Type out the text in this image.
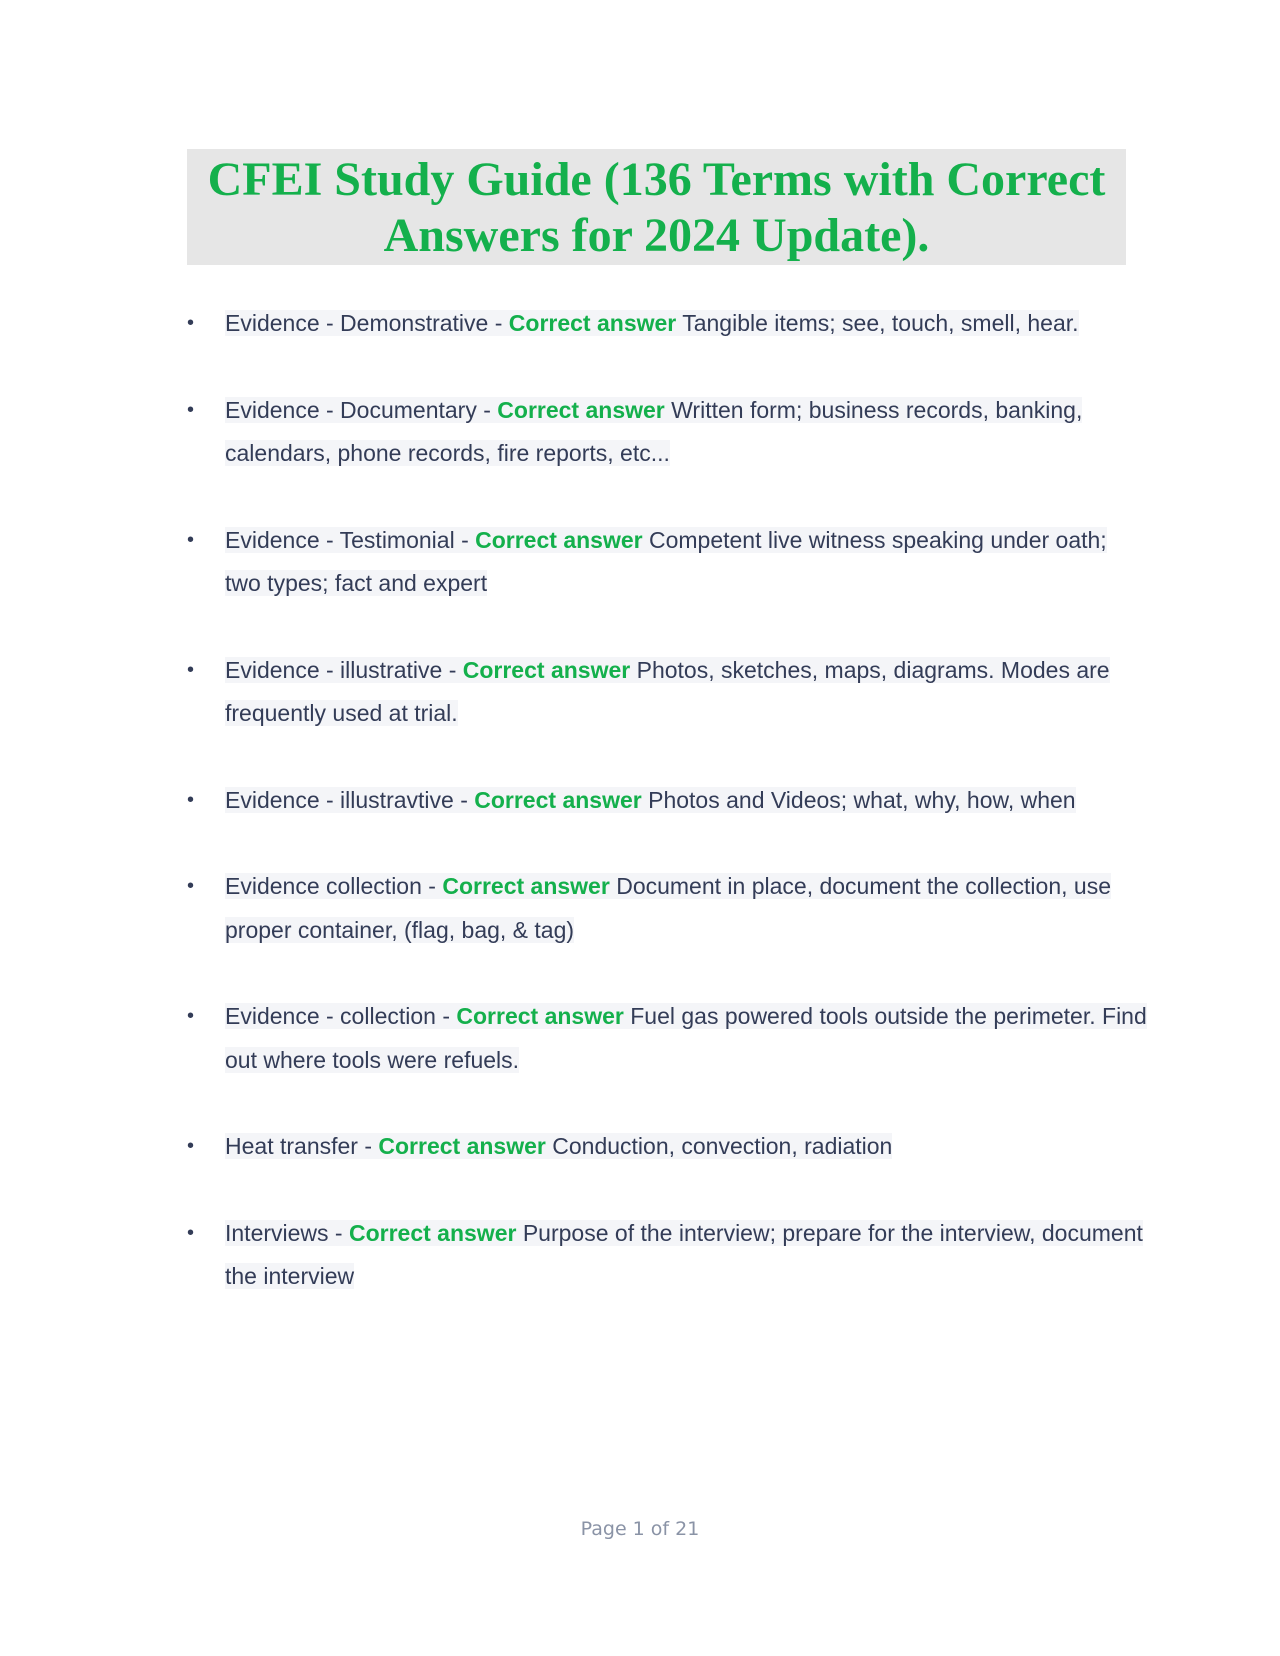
CFEI Study Guide (136 Terms with Correct
Answers for 2024 Update).
•	Evidence - Demonstrative - Correct answer Tangible items; see, touch, smell, hear.
•	Evidence - Documentary - Correct answer Written form; business records, banking, calendars, phone records, fire reports, etc...
•	Evidence - Testimonial - Correct answer Competent live witness speaking under oath; two types; fact and expert
•	Evidence - illustrative - Correct answer Photos, sketches, maps, diagrams. Modes are frequently used at trial.
•	Evidence - illustravtive - Correct answer Photos and Videos; what, why, how, when
•	Evidence collection - Correct answer Document in place, document the collection, use proper container, (flag, bag, & tag)
•	Evidence - collection - Correct answer Fuel gas powered tools outside the perimeter. Find out where tools were refuels.
•	Heat transfer - Correct answer Conduction, convection, radiation
•	Interviews - Correct answer Purpose of the interview; prepare for the interview, document the interview
Page 1 of 21
